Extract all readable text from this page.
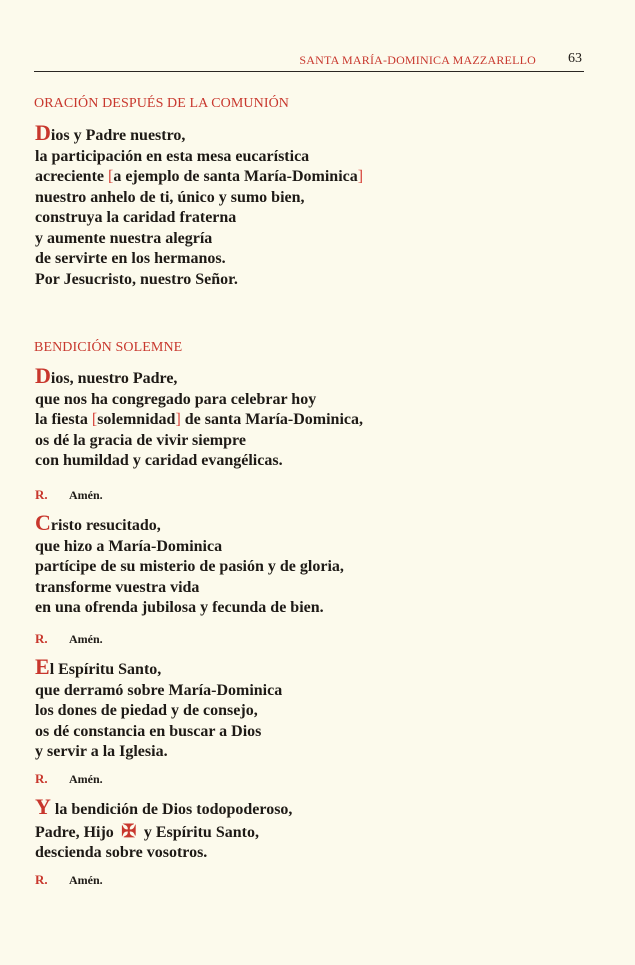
SANTA MARÍA-DOMINICA MAZZARELLO 63
ORACIÓN DESPUÉS DE LA COMUNIÓN
Dios y Padre nuestro,
la participación en esta mesa eucarística
acreciente [a ejemplo de santa María-Dominica]
nuestro anhelo de ti, único y sumo bien,
construya la caridad fraterna
y aumente nuestra alegría
de servirte en los hermanos.
Por Jesucristo, nuestro Señor.
BENDICIÓN SOLEMNE
Dios, nuestro Padre,
que nos ha congregado para celebrar hoy
la fiesta [solemnidad] de santa María-Dominica,
os dé la gracia de vivir siempre
con humildad y caridad evangélicas.
R. Amén.
Cristo resucitado,
que hizo a María-Dominica
partícipe de su misterio de pasión y de gloria,
transforme vuestra vida
en una ofrenda jubilosa y fecunda de bien.
R. Amén.
El Espíritu Santo,
que derramó sobre María-Dominica
los dones de piedad y de consejo,
os dé constancia en buscar a Dios
y servir a la Iglesia.
R. Amén.
Y la bendición de Dios todopoderoso,
Padre, Hijo ✠ y Espíritu Santo,
descienda sobre vosotros.
R. Amén.
